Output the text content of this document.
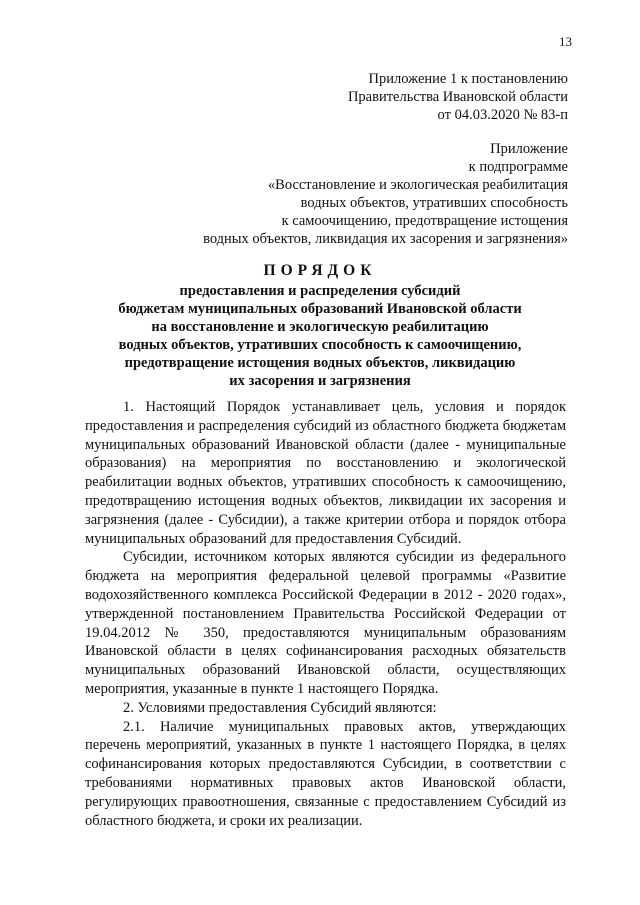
13
Приложение 1 к постановлению
Правительства Ивановской области
от 04.03.2020 № 83-п
Приложение
к подпрограмме
«Восстановление и экологическая реабилитация
водных объектов, утративших способность
к самоочищению, предотвращение истощения
водных объектов, ликвидация их засорения и загрязнения»
ПОРЯДОК
предоставления и распределения субсидий
бюджетам муниципальных образований Ивановской области
на восстановление и экологическую реабилитацию
водных объектов, утративших способность к самоочищению,
предотвращение истощения водных объектов, ликвидацию
их засорения и загрязнения

1. Настоящий Порядок устанавливает цель, условия и порядок предоставления и распределения субсидий из областного бюджета бюджетам муниципальных образований Ивановской области (далее - муниципальные образования) на мероприятия по восстановлению и экологической реабилитации водных объектов, утративших способность к самоочищению, предотвращению истощения водных объектов, ликвидации их засорения и загрязнения (далее - Субсидии), а также критерии отбора и порядок отбора муниципальных образований для предоставления Субсидий.

Субсидии, источником которых являются субсидии из федерального бюджета на мероприятия федеральной целевой программы «Развитие водохозяйственного комплекса Российской Федерации в 2012 - 2020 годах», утвержденной постановлением Правительства Российской Федерации от 19.04.2012 № 350, предоставляются муниципальным образованиям Ивановской области в целях софинансирования расходных обязательств муниципальных образований Ивановской области, осуществляющих мероприятия, указанные в пункте 1 настоящего Порядка.

2. Условиями предоставления Субсидий являются:

2.1. Наличие муниципальных правовых актов, утверждающих перечень мероприятий, указанных в пункте 1 настоящего Порядка, в целях софинансирования которых предоставляются Субсидии, в соответствии с требованиями нормативных правовых актов Ивановской области, регулирующих правоотношения, связанные с предоставлением Субсидий из областного бюджета, и сроки их реализации.
